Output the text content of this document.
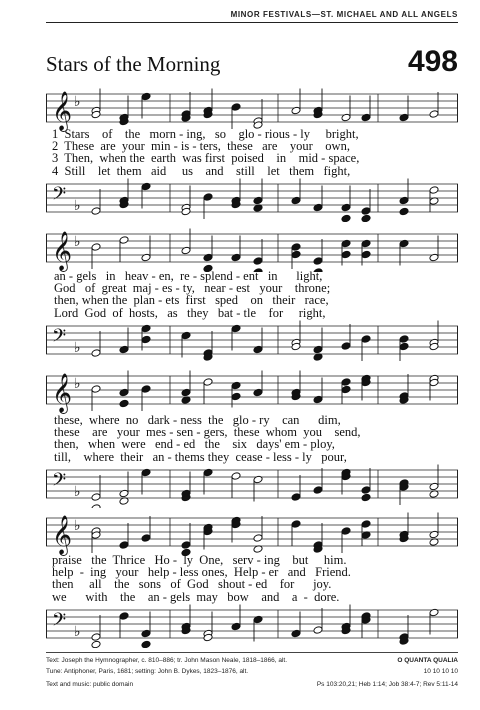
MINOR FESTIVALS—ST. MICHAEL AND ALL ANGELS
Stars of the Morning	498
𝄞 ♭
1  Stars    of    the   morn - ing,   so    glo - rious - ly     bright,
2  These  are  your  min - is - ters,  these   are    your    own,
3  Then,  when the  earth  was first  poised    in    mid - space,
4  Still    let  them   aid     us    and    still    let   them   fight,
𝄢 ♭
𝄞 ♭
an - gels   in   heav - en,  re - splend - ent   in      light,
God   of  great  maj - es - ty,   near - est   your    throne;
then, when the  plan - ets  first   sped    on   their   race,
Lord  God  of  hosts,   as   they   bat - tle    for     right,
𝄢 ♭
𝄞 ♭
these,  where  no   dark - ness  the   glo - ry    can      dim,
these    are   your  mes - sen - gers,  these  whom  you    send,
then,   when  were   end - ed   the    six   days' em - ploy,
till,    where  their   an - thems they  cease - less - ly   pour,
𝄢 ♭
𝄞 ♭
praise   the  Thrice   Ho -  ly  One,   serv - ing    but     him.
help  -  ing   your   help - less ones,  Help - er   and   Friend.
then     all    the   sons   of  God   shout - ed    for      joy.
we      with    the    an - gels  may   bow    and    a  -  dore.
𝄢 ♭
Text: Joseph the Hymnographer, c. 810–886; tr. John Mason Neale, 1818–1866, alt.
Tune: Antiphoner, Paris, 1681; setting: John B. Dykes, 1823–1876, alt.
Text and music: public domain
O QUANTA QUALIA
10 10 10 10
Ps 103:20,21; Heb 1:14; Job 38:4-7; Rev 5:11-14
